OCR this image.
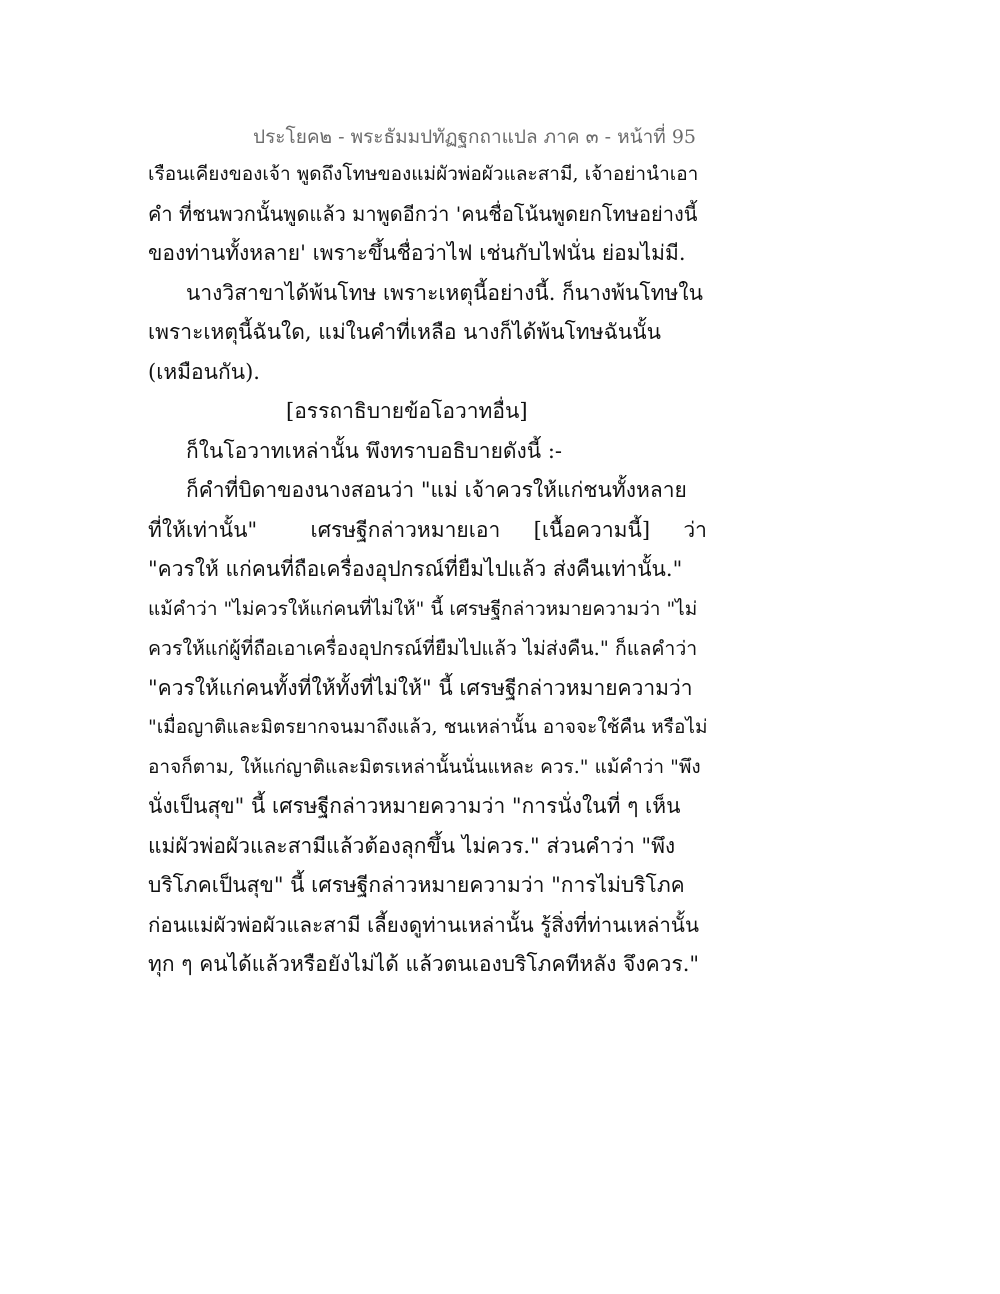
ประโยค๒ - พระธัมมปทัฏฐกถาแปล ภาค ๓ - หน้าที่ 95
เรือนเคียงของเจ้า พูดถึงโทษของแม่ผัวพ่อผัวและสามี, เจ้าอย่านำเอา
คำ ที่ชนพวกนั้นพูดแล้ว มาพูดอีกว่า 'คนชื่อโน้นพูดยกโทษอย่างนี้
ของท่านทั้งหลาย' เพราะขึ้นชื่อว่าไฟ เช่นกับไฟนั่น ย่อมไม่มี.
นางวิสาขาได้พ้นโทษ เพราะเหตุนี้อย่างนี้. ก็นางพ้นโทษใน
เพราะเหตุนี้ฉันใด, แม่ในคำที่เหลือ นางก็ได้พ้นโทษฉันนั้น
(เหมือนกัน).
[อรรถาธิบายข้อโอวาทอื่น]
ก็ในโอวาทเหล่านั้น พึงทราบอธิบายดังนี้ :-
ก็คำที่บิดาของนางสอนว่า "แม่ เจ้าควรให้แก่ชนทั้งหลาย
ที่ให้เท่านั้น"        เศรษฐีกล่าวหมายเอา     [เนื้อความนี้]     ว่า
"ควรให้ แก่คนที่ถือเครื่องอุปกรณ์ที่ยืมไปแล้ว ส่งคืนเท่านั้น."
แม้คำว่า "ไม่ควรให้แก่คนที่ไม่ให้" นี้ เศรษฐีกล่าวหมายความว่า "ไม่
ควรให้แก่ผู้ที่ถือเอาเครื่องอุปกรณ์ที่ยืมไปแล้ว ไม่ส่งคืน." ก็แลคำว่า
"ควรให้แก่คนทั้งที่ให้ทั้งที่ไม่ให้" นี้ เศรษฐีกล่าวหมายความว่า
"เมื่อญาติและมิตรยากจนมาถึงแล้ว, ชนเหล่านั้น อาจจะใช้คืน หรือไม่
อาจก็ตาม, ให้แก่ญาติและมิตรเหล่านั้นนั่นแหละ ควร." แม้คำว่า "พึง
นั่งเป็นสุข" นี้ เศรษฐีกล่าวหมายความว่า "การนั่งในที่ ๆ เห็น
แม่ผัวพ่อผัวและสามีแล้วต้องลุกขึ้น ไม่ควร." ส่วนคำว่า "พึง
บริโภคเป็นสุข" นี้ เศรษฐีกล่าวหมายความว่า "การไม่บริโภค
ก่อนแม่ผัวพ่อผัวและสามี เลี้ยงดูท่านเหล่านั้น รู้สิ่งที่ท่านเหล่านั้น
ทุก ๆ คนได้แล้วหรือยังไม่ได้ แล้วตนเองบริโภคทีหลัง จึงควร."
